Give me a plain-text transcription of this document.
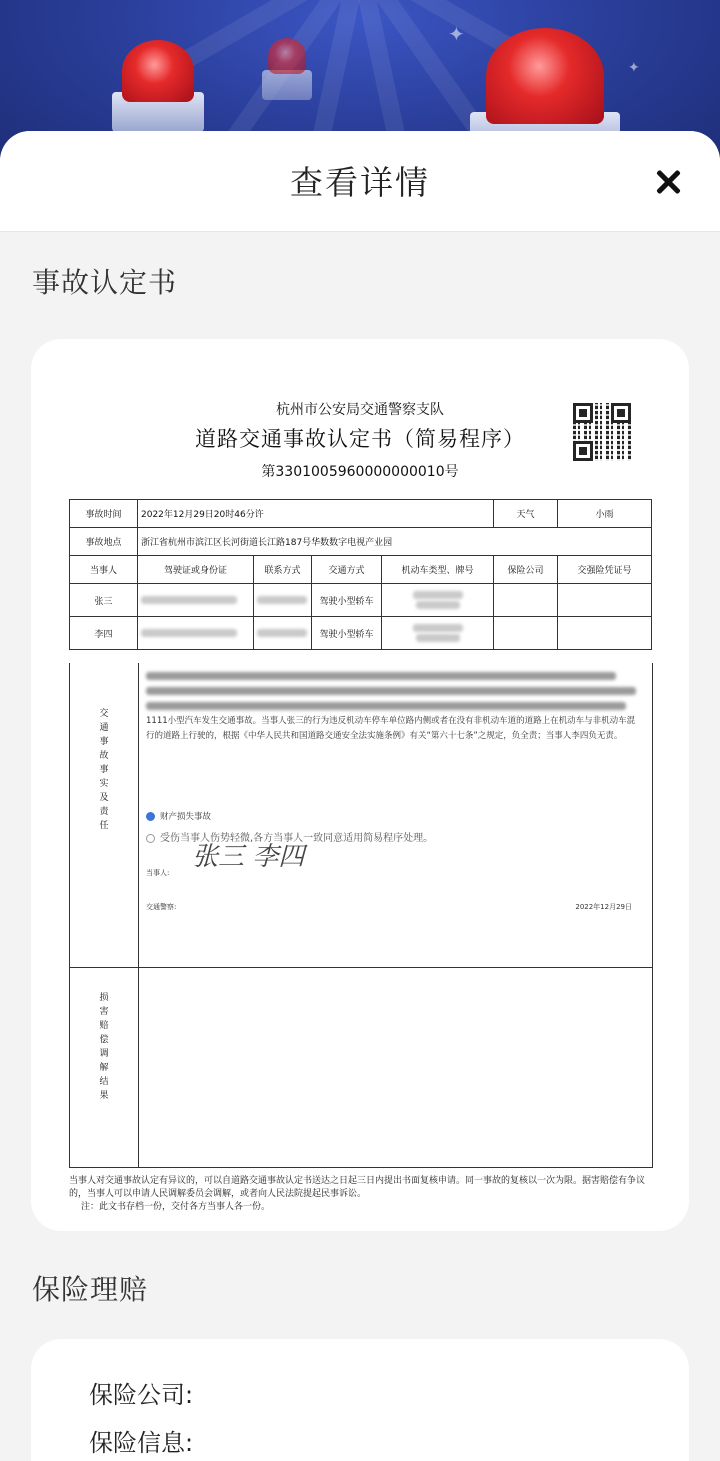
✦
✦
查看详情
事故认定书
杭州市公安局交通警察支队
道路交通事故认定书（简易程序）
第3301005960000000010号
事故时间	2022年12月29日20时46分许				天气	小雨
事故地点	浙江省杭州市滨江区长河街道长江路187号华数数字电视产业园					
当事人	驾驶证或身份证	联系方式	交通方式	机动车类型、牌号	保险公司	交强险凭证号
张三			驾驶小型轿车	

李四			驾驶小型轿车	

交通事故事实及责任

1111小型汽车发生交通事故。当事人张三的行为违反机动车停车单位路内侧或者在没有非机动车道的道路上在机动车与非机动车混行的道路上行驶的，根据《中华人民共和国道路交通安全法实施条例》有关“第六十七条”之规定，负全责；当事人李四负无责。
财产损失事故
受伤当事人伤势轻微,各方当事人一致同意适用简易程序处理。
当事人:
张三 李四
交通警察:	2022年12月29日
损害赔偿调解结果
当事人对交通事故认定有异议的，可以自道路交通事故认定书送达之日起三日内提出书面复核申请。同一事故的复核以一次为限。据害赔偿有争议的，当事人可以申请人民调解委员会调解，或者向人民法院提起民事诉讼。
注：此文书存档一份，交付各方当事人各一份。
保险理赔
保险公司:
保险信息:
